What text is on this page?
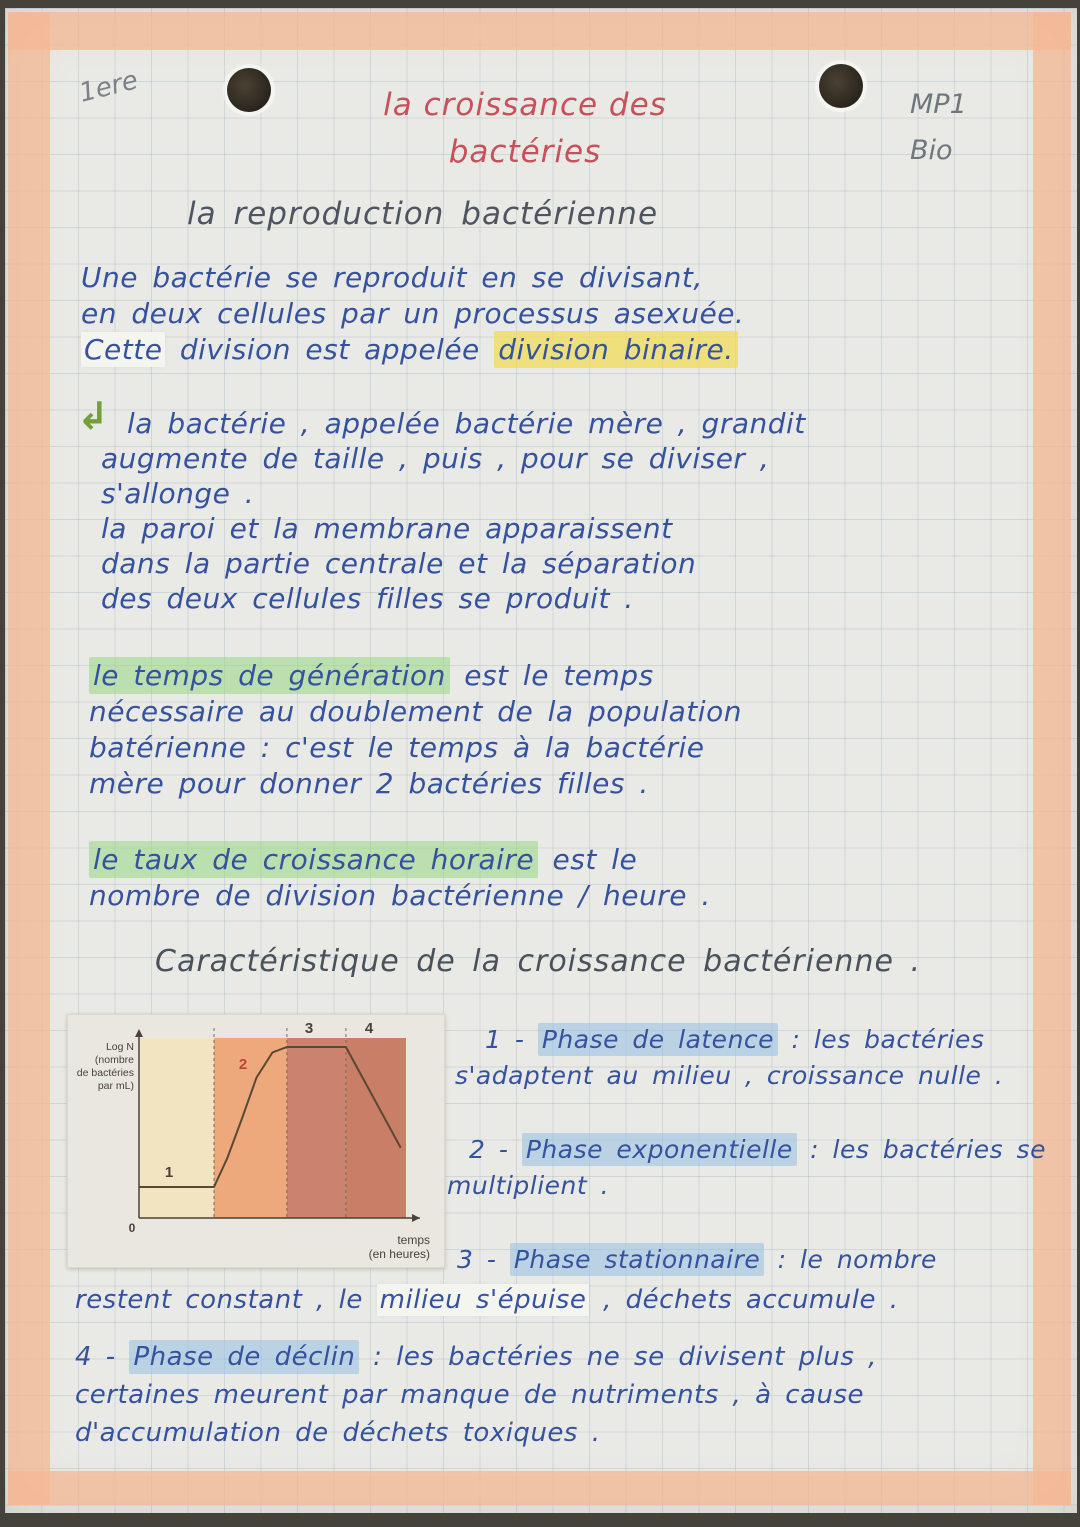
1ere	la croissance des
bactéries
MP1
Bio
la reproduction bactérienne
Une bactérie se reproduit en se divisant,
en deux cellules par un processus asexuée.
Cette division est appelée division binaire.
↲ la bactérie , appelée bactérie mère , grandit
augmente de taille , puis , pour se diviser ,
s'allonge .
la paroi et la membrane apparaissent
dans la partie centrale et la séparation
des deux cellules filles se produit .
le temps de génération est le temps
nécessaire au doublement de la population
batérienne : c'est le temps à la bactérie
mère pour donner 2 bactéries filles .
le taux de croissance horaire est le
nombre de division bactérienne / heure .
Caractéristique de la croissance bactérienne .
1
2
3	4
0
Log N
(nombre
de bactéries
par mL)
temps
(en heures)
1 - Phase de latence : les bactéries
s'adaptent au milieu , croissance nulle .
2 - Phase exponentielle : les bactéries se
multiplient .
3 - Phase stationnaire : le nombre
restent constant , le milieu s'épuise , déchets accumule .
4 - Phase de déclin : les bactéries ne se divisent plus ,
certaines meurent par manque de nutriments , à cause
d'accumulation de déchets toxiques .
